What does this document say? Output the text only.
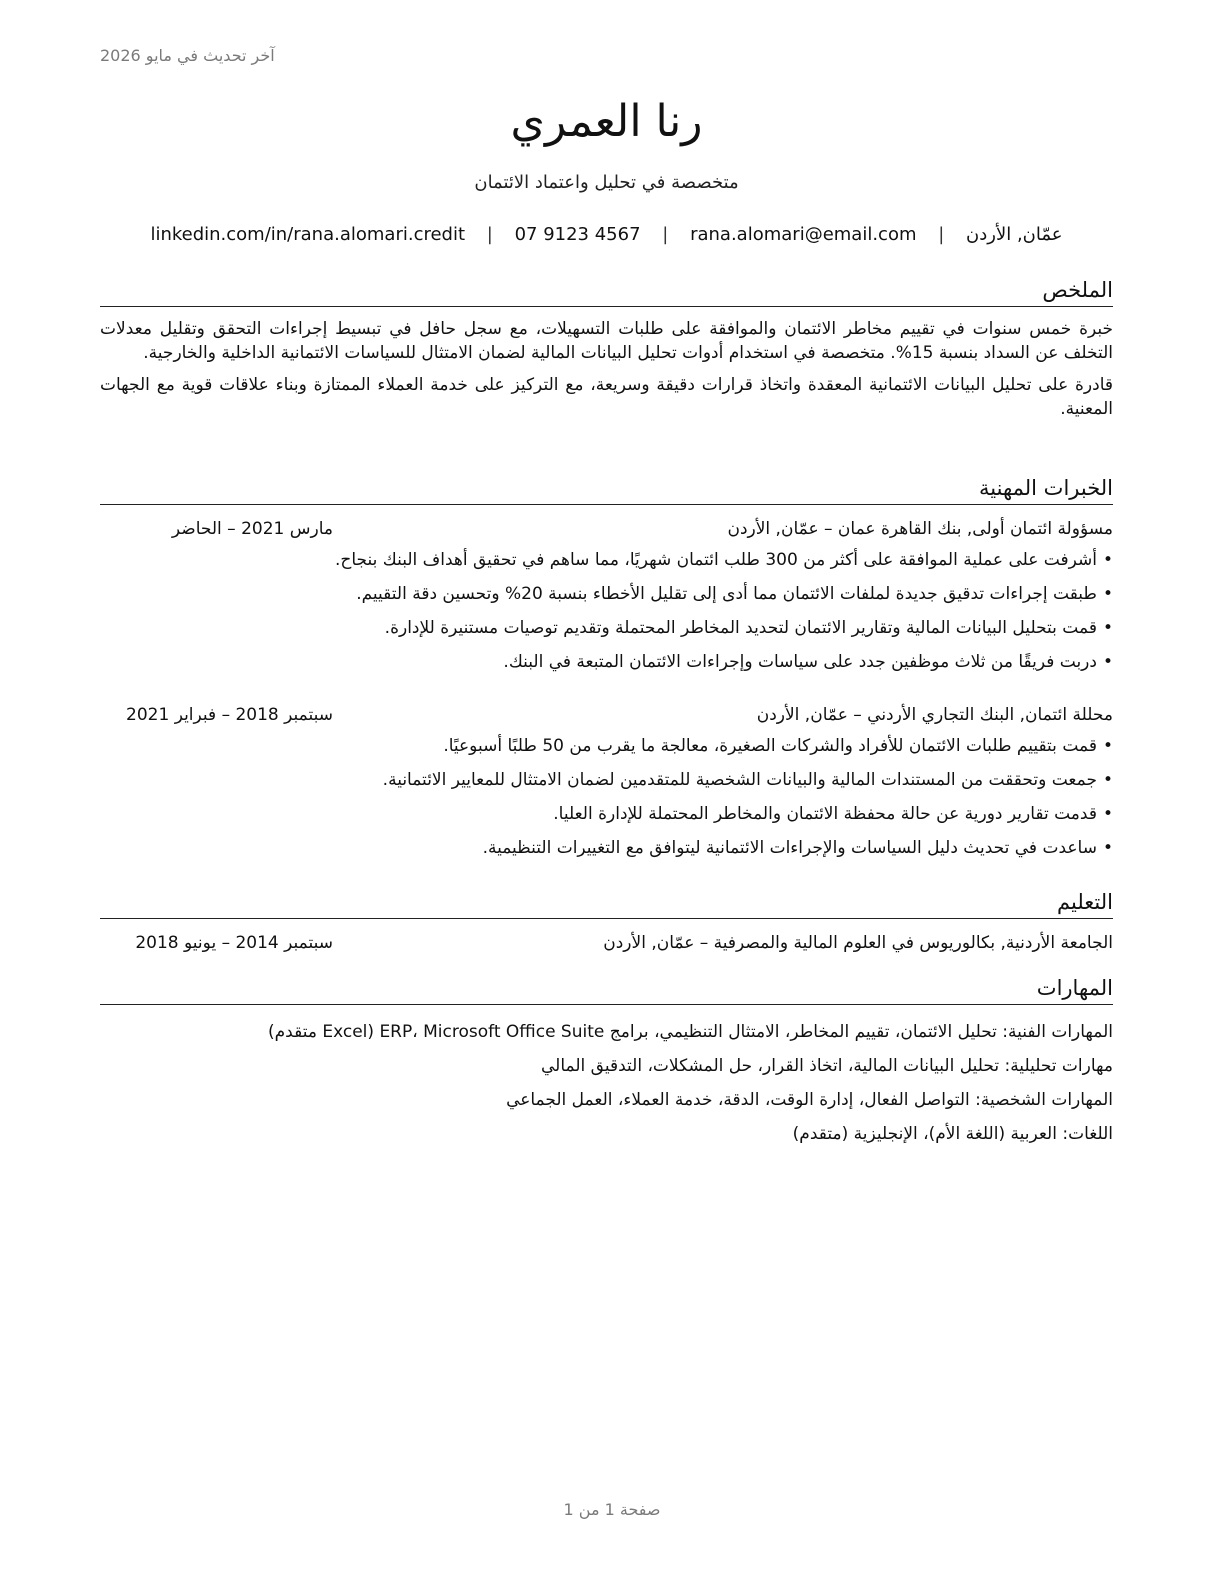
آخر تحديث في مايو 2026
رنا العمري
متخصصة في تحليل واعتماد الائتمان
عمّان, الأردن | rana.alomari@email.com | 07 9123 4567 | linkedin.com/in/rana.alomari.credit
الملخص

خبرة خمس سنوات في تقييم مخاطر الائتمان والموافقة على طلبات التسهيلات، مع سجل حافل في تبسيط إجراءات التحقق وتقليل معدلات التخلف عن السداد بنسبة 15%. متخصصة في استخدام أدوات تحليل البيانات المالية لضمان الامتثال للسياسات الائتمانية الداخلية والخارجية.

قادرة على تحليل البيانات الائتمانية المعقدة واتخاذ قرارات دقيقة وسريعة، مع التركيز على خدمة العملاء الممتازة وبناء علاقات قوية مع الجهات المعنية.

الخبرات المهنية
مسؤولة ائتمان أولى, بنك القاهرة عمان – عمّان, الأردن
مارس 2021 – الحاضر
•أشرفت على عملية الموافقة على أكثر من 300 طلب ائتمان شهريًا، مما ساهم في تحقيق أهداف البنك بنجاح.
•طبقت إجراءات تدقيق جديدة لملفات الائتمان مما أدى إلى تقليل الأخطاء بنسبة 20% وتحسين دقة التقييم.
•قمت بتحليل البيانات المالية وتقارير الائتمان لتحديد المخاطر المحتملة وتقديم توصيات مستنيرة للإدارة.
•دربت فريقًا من ثلاث موظفين جدد على سياسات وإجراءات الائتمان المتبعة في البنك.
محللة ائتمان, البنك التجاري الأردني – عمّان, الأردن
سبتمبر 2018 – فبراير 2021
•قمت بتقييم طلبات الائتمان للأفراد والشركات الصغيرة، معالجة ما يقرب من 50 طلبًا أسبوعيًا.
•جمعت وتحققت من المستندات المالية والبيانات الشخصية للمتقدمين لضمان الامتثال للمعايير الائتمانية.
•قدمت تقارير دورية عن حالة محفظة الائتمان والمخاطر المحتملة للإدارة العليا.
•ساعدت في تحديث دليل السياسات والإجراءات الائتمانية ليتوافق مع التغييرات التنظيمية.
التعليم
الجامعة الأردنية, بكالوريوس في العلوم المالية والمصرفية – عمّان, الأردن
سبتمبر 2014 – يونيو 2018
المهارات
المهارات الفنية: تحليل الائتمان، تقييم المخاطر، الامتثال التنظيمي، برامج ERP، Microsoft Office Suite (Excel متقدم)
مهارات تحليلية: تحليل البيانات المالية، اتخاذ القرار، حل المشكلات، التدقيق المالي
المهارات الشخصية: التواصل الفعال، إدارة الوقت، الدقة، خدمة العملاء، العمل الجماعي
اللغات: العربية (اللغة الأم)، الإنجليزية (متقدم)
صفحة 1 من 1
